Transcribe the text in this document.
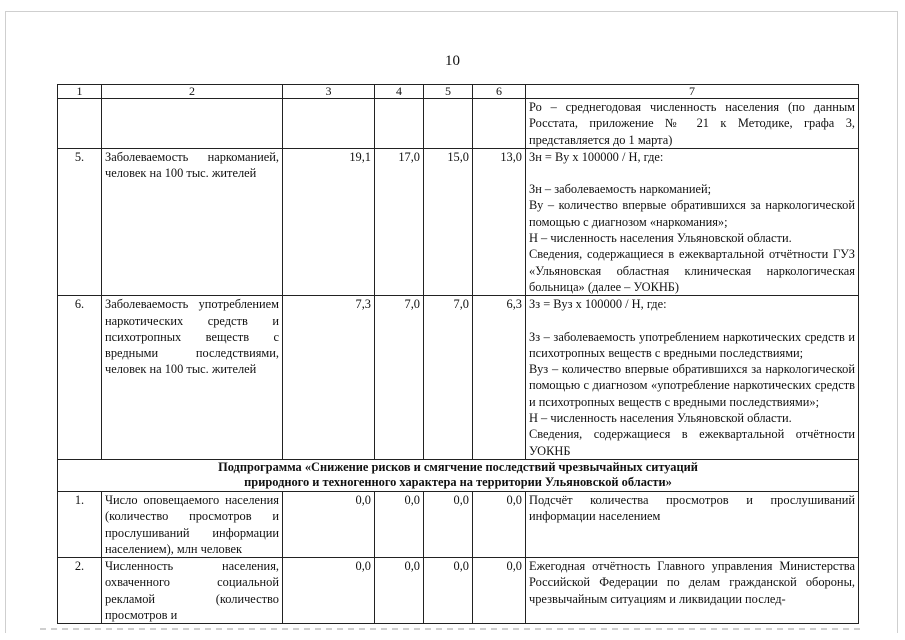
10
1	2	3	4	5	6	7

						Ро – среднегодовая численность населения (по данным Росстата, приложение № 21 к Методике, графа 3, представляется до 1 марта)

5.	Заболеваемость наркоманией, человек на 100 тыс. жителей	19,1	17,0	15,0	13,0	Зн = Ву х 100000 / Н, где:
Зн – заболеваемость наркоманией;
Ву – количество впервые обратившихся за наркологической помощью с диагнозом «наркомания»;
Н – численность населения Ульяновской области.
Сведения, содержащиеся в ежеквартальной отчётности ГУЗ «Ульяновская областная клиническая наркологическая больница» (далее – УОКНБ)

6.	Заболеваемость употреблением наркотических средств и психотропных веществ с вредными последствиями, человек на 100 тыс. жителей	7,3	7,0	7,0	6,3	Зз = Вуз х 100000 / Н, где:
Зз – заболеваемость употреблением наркотических средств и психотропных веществ с вредными последствиями;
Вуз – количество впервые обратившихся за наркологической помощью с диагнозом «употребление наркотических средств и психотропных веществ с вредными последствиями»;
Н – численность населения Ульяновской области.
Сведения, содержащиеся в ежеквартальной отчётности УОКНБ

Подпрограмма «Снижение рисков и смягчение последствий чрезвычайных ситуаций
природного и техногенного характера на территории Ульяновской области»						

1.	Число оповещаемого населения (количество просмотров и прослушиваний информации населением), млн человек	0,0	0,0	0,0	0,0	Подсчёт количества просмотров и прослушиваний информации населением

2.	Численность населения, охваченного социальной рекламой (количество просмотров и	0,0	0,0	0,0	0,0	Ежегодная отчётность Главного управления Министерства Российской Федерации по делам гражданской обороны, чрезвычайным ситуациям и ликвидации послед-
